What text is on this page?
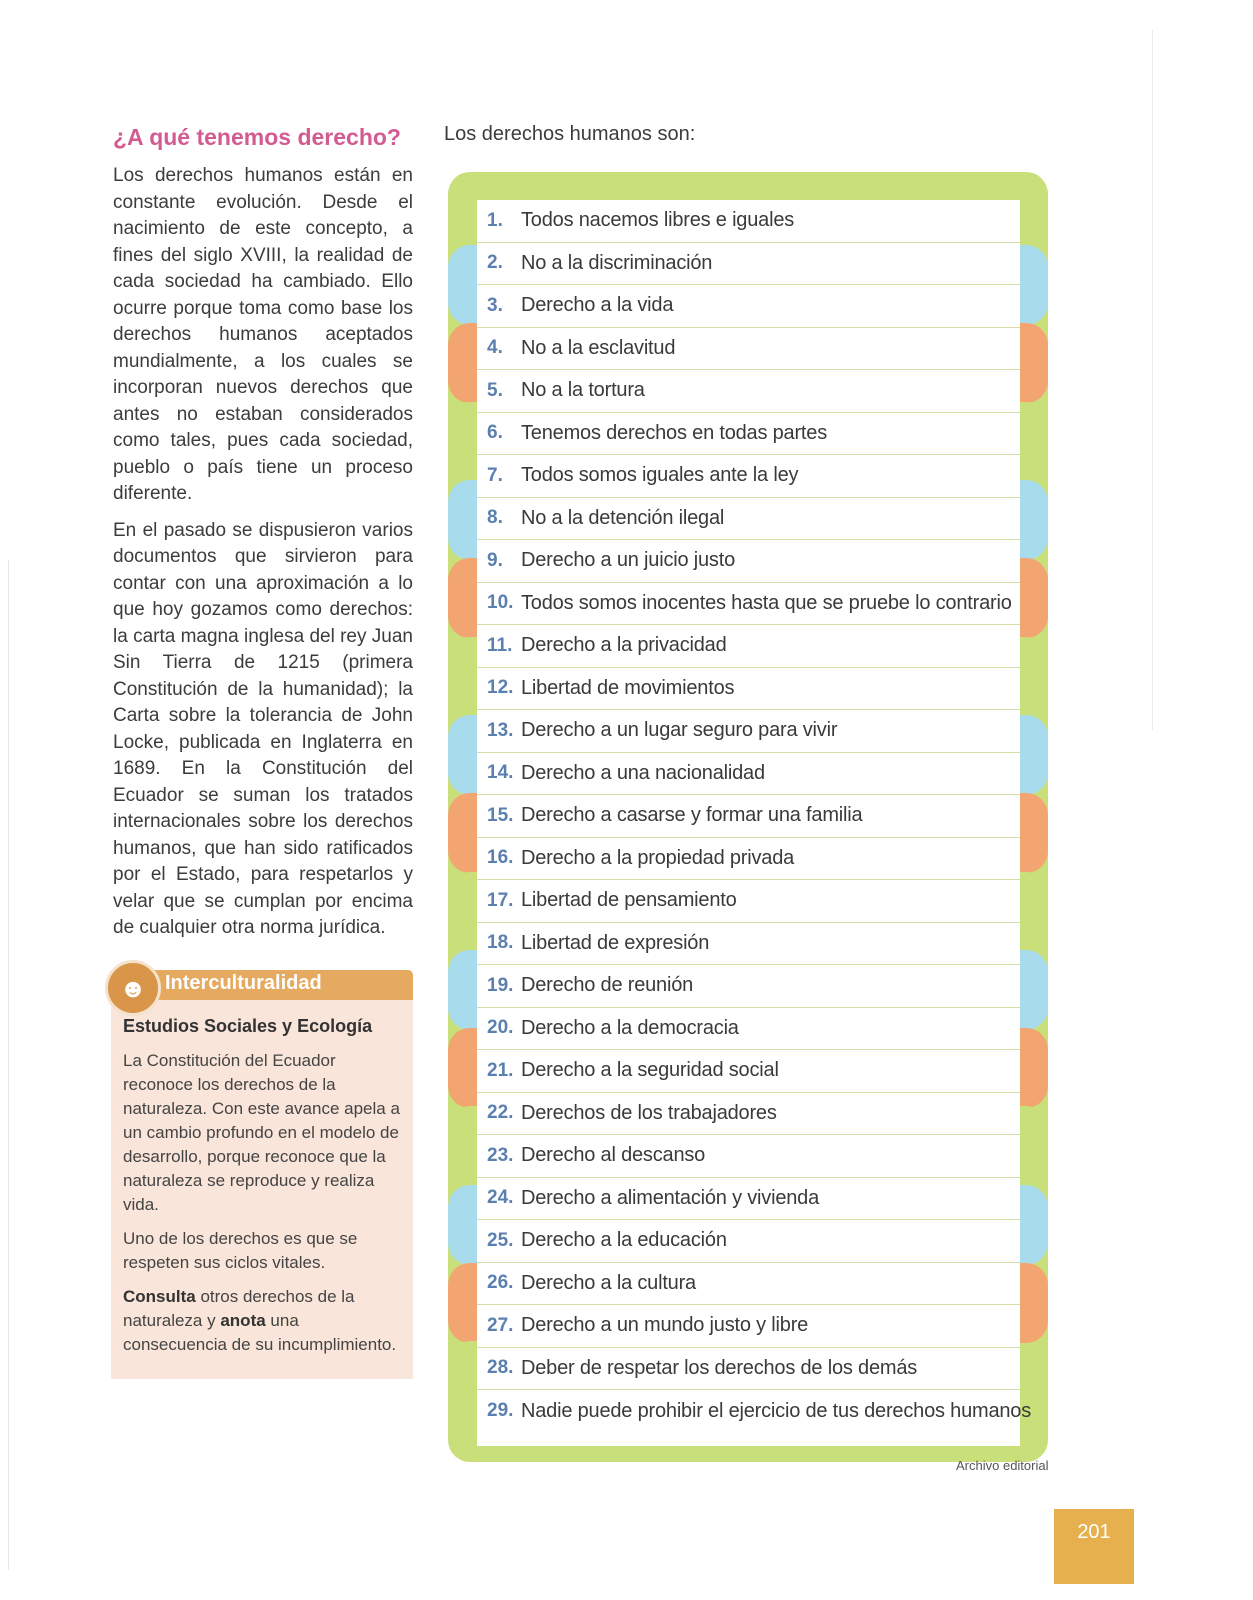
¿A qué tenemos derecho?

Los derechos humanos están en constante evolución. Desde el nacimiento de este concepto, a fines del siglo XVIII, la realidad de cada sociedad ha cambiado. Ello ocurre porque toma como base los derechos humanos aceptados mundialmente, a los cuales se incorporan nuevos derechos que antes no estaban considerados como tales, pues cada sociedad, pueblo o país tiene un proceso diferente.

En el pasado se dispusieron varios documentos que sirvieron para contar con una aproximación a lo que hoy gozamos como derechos: la carta magna inglesa del rey Juan Sin Tierra de 1215 (primera Constitución de la humanidad); la Carta sobre la tolerancia de John Locke, publicada en Inglaterra en 1689. En la Constitución del Ecuador se suman los tratados internacionales sobre los derechos humanos, que han sido ratificados por el Estado, para respetarlos y velar que se cumplan por encima de cualquier otra norma jurídica.

☻ Interculturalidad

Estudios Sociales y Ecología

La Constitución del Ecuador reconoce los derechos de la naturaleza. Con este avance apela a un cambio profundo en el modelo de desarrollo, porque reconoce que la naturaleza se reproduce y realiza vida.

Uno de los derechos es que se respeten sus ciclos vitales.

Consulta otros derechos de la naturaleza y anota una consecuencia de su incumplimiento.

Los derechos humanos son:
1. Todos nacemos libres e iguales
2. No a la discriminación
3. Derecho a la vida
4. No a la esclavitud
5. No a la tortura
6. Tenemos derechos en todas partes
7. Todos somos iguales ante la ley
8. No a la detención ilegal
9. Derecho a un juicio justo
10. Todos somos inocentes hasta que se pruebe lo contrario
11. Derecho a la privacidad
12. Libertad de movimientos
13. Derecho a un lugar seguro para vivir
14. Derecho a una nacionalidad
15. Derecho a casarse y formar una familia
16. Derecho a la propiedad privada
17. Libertad de pensamiento
18. Libertad de expresión
19. Derecho de reunión
20. Derecho a la democracia
21. Derecho a la seguridad social
22. Derechos de los trabajadores
23. Derecho al descanso
24. Derecho a alimentación y vivienda
25. Derecho a la educación
26. Derecho a la cultura
27. Derecho a un mundo justo y libre
28. Deber de respetar los derechos de los demás
29. Nadie puede prohibir el ejercicio de tus derechos humanos
Archivo editorial
201
